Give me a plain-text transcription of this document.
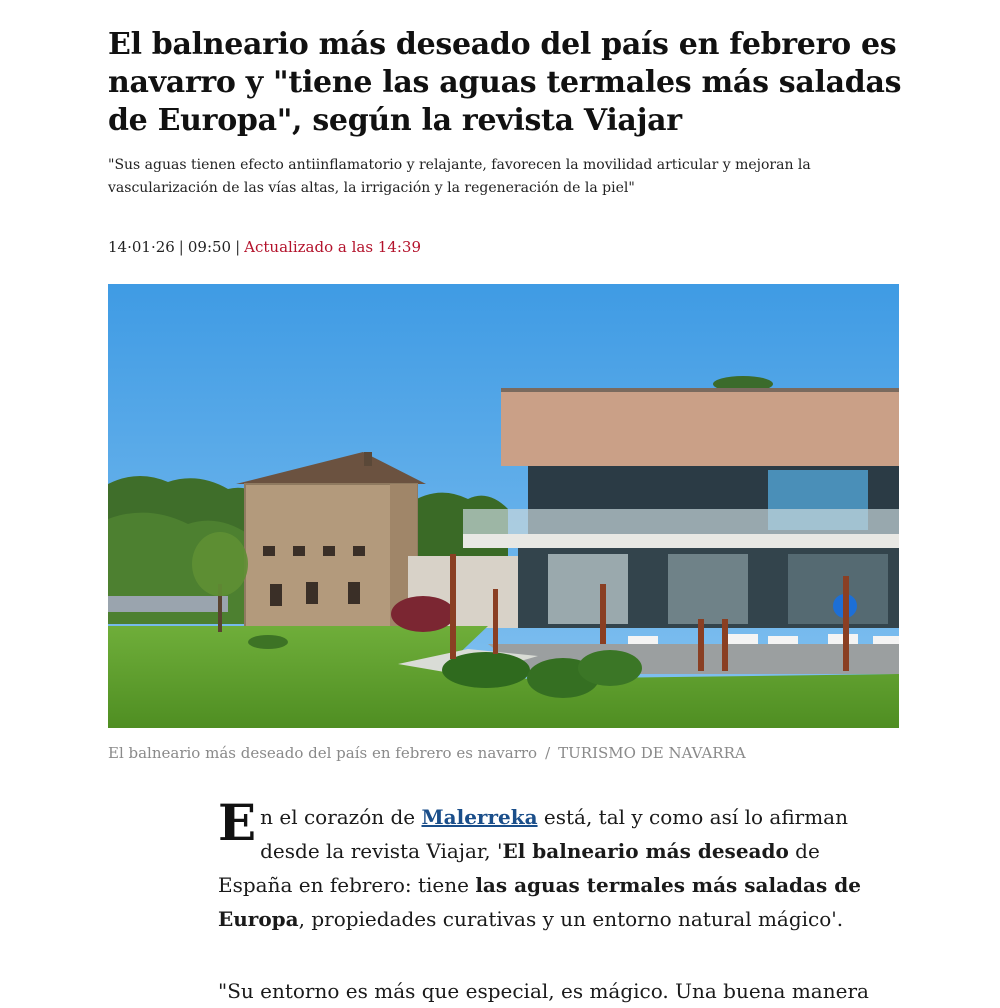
El balneario más deseado del país en febrero es navarro y "tiene las aguas termales más saladas de Europa", según la revista Viajar

"Sus aguas tienen efecto antiinflamatorio y relajante, favorecen la movilidad articular y mejoran la vascularización de las vías altas, la irrigación y la regeneración de la piel"

14·01·26 | 09:50 | Actualizado a las 14:39
El balneario más deseado del país en febrero es navarro / TURISMO DE NAVARRA
En el corazón de Malerreka está, tal y como así lo afirman desde la revista Viajar, 'El balneario más deseado de España en febrero: tiene las aguas termales más saladas de Europa, propiedades curativas y un entorno natural mágico'.

"Su entorno es más que especial, es mágico. Una buena manera
